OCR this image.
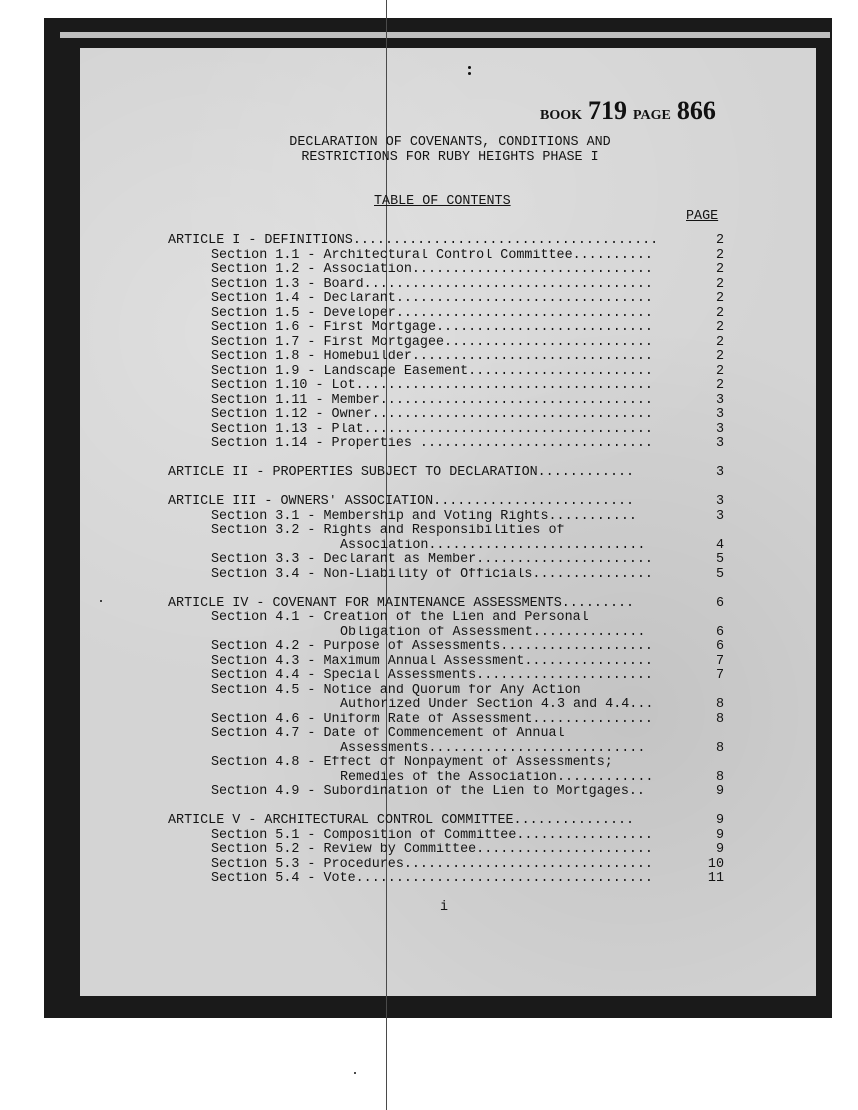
BOOK 719 PAGE 866
DECLARATION OF COVENANTS, CONDITIONS AND
RESTRICTIONS FOR RUBY HEIGHTS PHASE I
TABLE OF CONTENTS
PAGE
ARTICLE I - DEFINITIONS......................................	2
Section 1.1 - Architectural Control Committee..........	2
Section 1.2 - Association..............................	2
Section 1.3 - Board....................................	2
Section 1.4 - Declarant................................	2
Section 1.5 - Developer................................	2
Section 1.6 - First Mortgage...........................	2
Section 1.7 - First Mortgagee..........................	2
Section 1.8 - Homebuilder..............................	2
Section 1.9 - Landscape Easement.......................	2
Section 1.10 - Lot.....................................	2
Section 1.11 - Member..................................	3
Section 1.12 - Owner...................................	3
Section 1.13 - Plat....................................	3
Section 1.14 - Properties .............................	3
ARTICLE II - PROPERTIES SUBJECT TO DECLARATION............	3
ARTICLE III - OWNERS' ASSOCIATION.........................	3
Section 3.1 - Membership and Voting Rights...........	3
Section 3.2 - Rights and Responsibilities of
Association...........................	4
Section 3.3 - Declarant as Member......................	5
Section 3.4 - Non-Liability of Officials...............	5
ARTICLE IV - COVENANT FOR MAINTENANCE ASSESSMENTS.........	6
Section 4.1 - Creation of the Lien and Personal
Obligation of Assessment..............	6
Section 4.2 - Purpose of Assessments...................	6
Section 4.3 - Maximum Annual Assessment................	7
Section 4.4 - Special Assessments......................	7
Section 4.5 - Notice and Quorum for Any Action
Authorized Under Section 4.3 and 4.4...	8
Section 4.6 - Uniform Rate of Assessment...............	8
Section 4.7 - Date of Commencement of Annual
Assessments...........................	8
Section 4.8 - Effect of Nonpayment of Assessments;
Remedies of the Association............	8
Section 4.9 - Subordination of the Lien to Mortgages..	9
ARTICLE V - ARCHITECTURAL CONTROL COMMITTEE...............	9
Section 5.1 - Composition of Committee.................	9
Section 5.2 - Review by Committee......................	9
Section 5.3 - Procedures...............................	10
Section 5.4 - Vote.....................................	11
i
